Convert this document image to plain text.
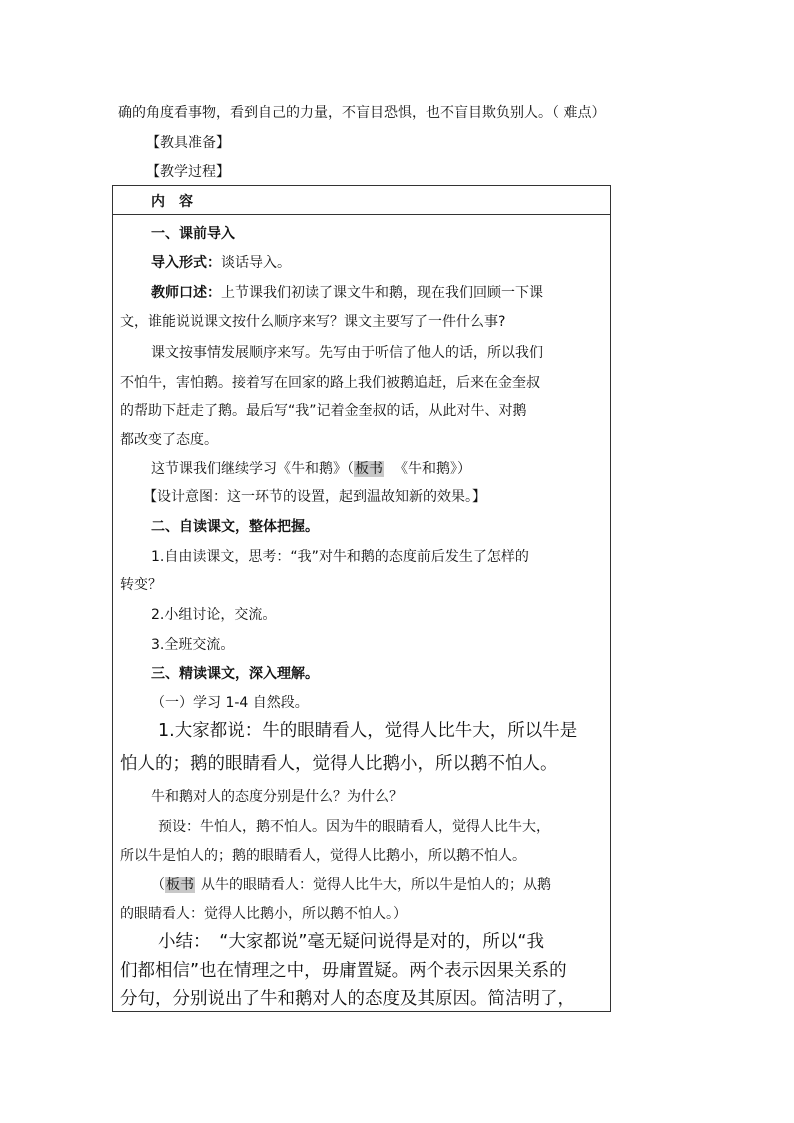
确的角度看事物，看到自己的力量，不盲目恐惧，也不盲目欺负别人。（ 难点）
【教具准备】
【教学过程】
内　容
一、课前导入
导入形式：谈话导入。
教师口述：上节课我们初读了课文牛和鹅，现在我们回顾一下课
文，谁能说说课文按什么顺序来写？课文主要写了一件什么事?
课文按事情发展顺序来写。先写由于听信了他人的话，所以我们
不怕牛，害怕鹅。接着写在回家的路上我们被鹅追赶，后来在金奎叔
的帮助下赶走了鹅。最后写“我”记着金奎叔的话，从此对牛、对鹅
都改变了态度。
这节课我们继续学习《牛和鹅》（板书 《牛和鹅》）
【设计意图：这一环节的设置，起到温故知新的效果。】
二、自读课文，整体把握。
1.自由读课文，思考：“我”对牛和鹅的态度前后发生了怎样的
转变？
2.小组讨论，交流。
3.全班交流。
三、精读课文，深入理解。
（一）学习 1-4 自然段。
1.大家都说：牛的眼睛看人，觉得人比牛大，所以牛是
怕人的；鹅的眼睛看人，觉得人比鹅小，所以鹅不怕人。
牛和鹅对人的态度分别是什么？为什么？
预设：牛怕人，鹅不怕人。因为牛的眼睛看人，觉得人比牛大，
所以牛是怕人的；鹅的眼睛看人，觉得人比鹅小，所以鹅不怕人。
（板书 从牛的眼睛看人：觉得人比牛大，所以牛是怕人的；从鹅
的眼睛看人：觉得人比鹅小，所以鹅不怕人。）
小结：　“大家都说”毫无疑问说得是对的，所以“我
们都相信”也在情理之中，毋庸置疑。两个表示因果关系的
分句，分别说出了牛和鹅对人的态度及其原因。简洁明了，
